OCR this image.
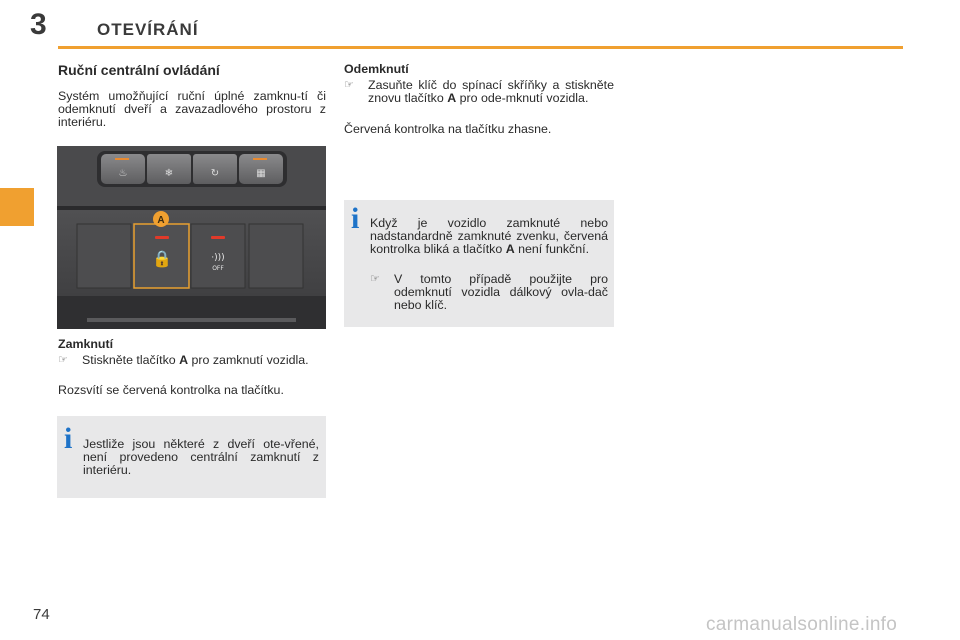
3	OTEVÍRÁNÍ
Ruční centrální ovládání
Systém umožňující ruční úplné zamknu-tí či odemknutí dveří a zavazadlového prostoru z interiéru.
♨	❄	↻	▦
🔒	·)))
OFF
A
Zamknutí
☞	Stiskněte tlačítko A pro zamknutí vozidla.
Rozsvítí se červená kontrolka na tlačítku.
i Jestliže jsou některé z dveří ote-vřené, není provedeno centrální zamknutí z interiéru.
Odemknutí
☞	Zasuňte klíč do spínací skříňky a stiskněte znovu tlačítko A pro ode-mknutí vozidla.
Červená kontrolka na tlačítku zhasne.
i Když je vozidlo zamknuté nebo nadstandardně zamknuté zvenku, červená kontrolka bliká a tlačítko A není funkční.
☞	V tomto případě použijte pro odemknutí vozidla dálkový ovla-dač nebo klíč.
74	carmanualsonline.info
